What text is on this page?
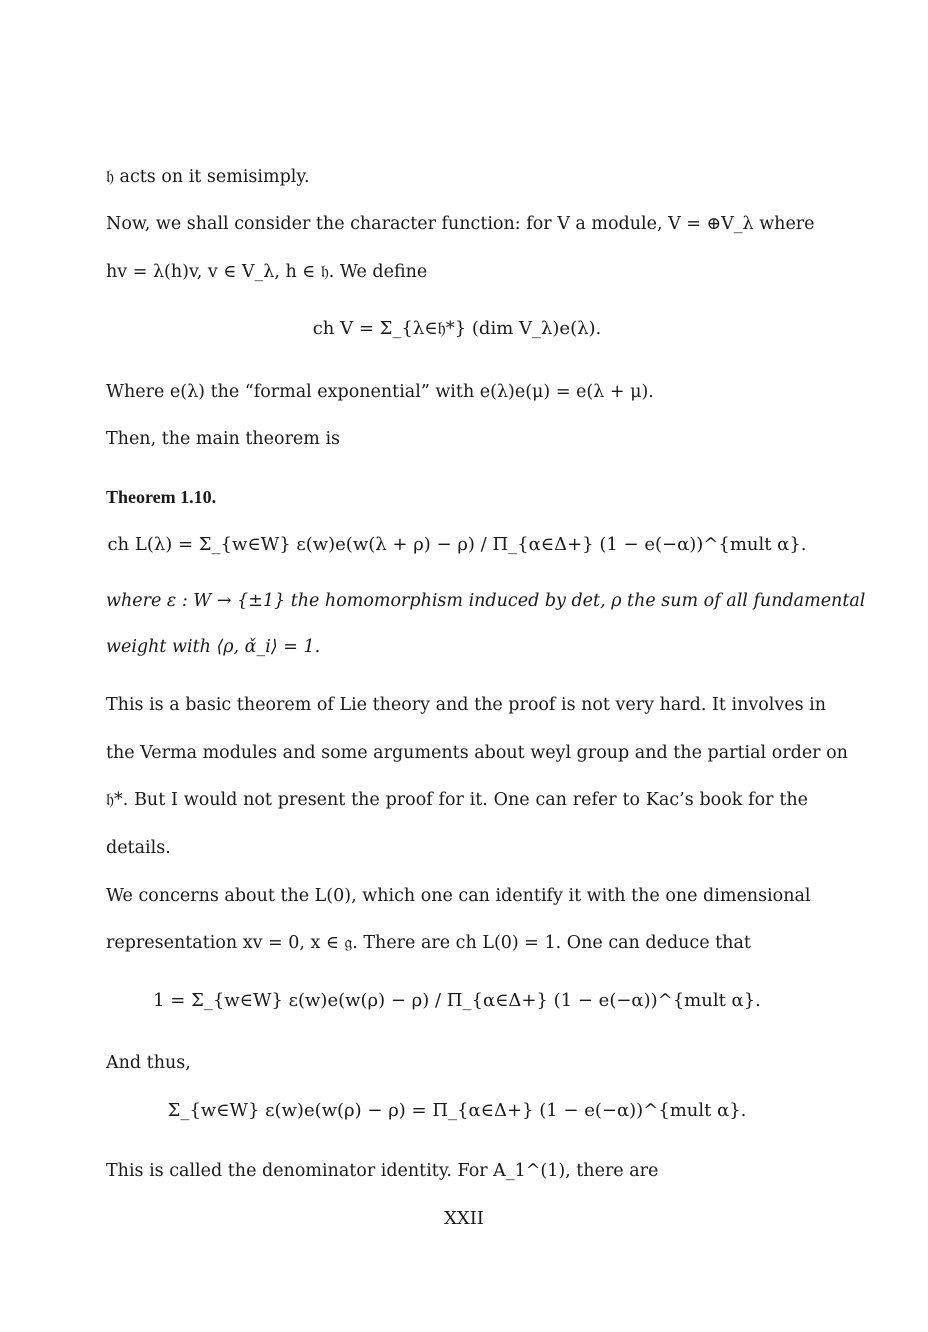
𝔥 acts on it semisimply.
Now, we shall consider the character function: for V a module, V = ⊕V_λ where
hv = λ(h)v, v ∈ V_λ, h ∈ 𝔥. We define
ch V = Σ_{λ∈𝔥*} (dim V_λ)e(λ).
Where e(λ) the “formal exponential” with e(λ)e(μ) = e(λ + μ).
Then, the main theorem is
Theorem 1.10.
ch L(λ) = Σ_{w∈W} ε(w)e(w(λ + ρ) − ρ) / Π_{α∈Δ+} (1 − e(−α))^{mult α}.
where ε : W → {±1} the homomorphism induced by det, ρ the sum of all fundamental
weight with ⟨ρ, α̌_i⟩ = 1.
This is a basic theorem of Lie theory and the proof is not very hard. It involves in
the Verma modules and some arguments about weyl group and the partial order on
𝔥*. But I would not present the proof for it. One can refer to Kac’s book for the
details.
We concerns about the L(0), which one can identify it with the one dimensional
representation xv = 0, x ∈ 𝔤. There are ch L(0) = 1. One can deduce that
1 = Σ_{w∈W} ε(w)e(w(ρ) − ρ) / Π_{α∈Δ+} (1 − e(−α))^{mult α}.
And thus,
Σ_{w∈W} ε(w)e(w(ρ) − ρ) = Π_{α∈Δ+} (1 − e(−α))^{mult α}.
This is called the denominator identity. For A_1^(1), there are
XXII
